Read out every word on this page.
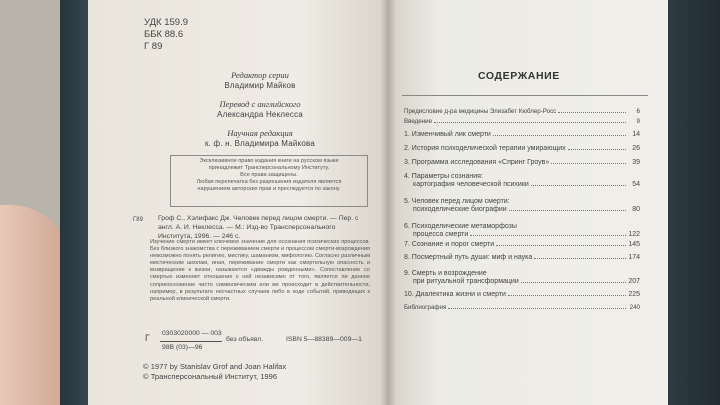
УДК 159.9
ББК 88.6
Г 89
Редактор серии
Владимир Майков
Перевод с английского
Александра Неклесса
Научная редакция
к. ф. н. Владимира Майкова
Эксклюзивное право издания книги на русском языке
принадлежит Трансперсональному Институту.
Все права защищены.
Любая перепечатка без разрешения издателя является
нарушением авторских прав и преследуется по закону.
Г89 Гроф С., Хэлифакс Дж. Человек перед лицом смерти. — Пер. с англ. А. И. Неклесса. — М.: Изд-во Трансперсонального Института, 1996. — 246 с.
Изучение смерти имеет ключевое значение для осознания психических процессов. Без близкого знакомства с переживанием смерти и процессом смерти-возрождения невозможно понять религию, мистику, шаманизм, мифологию. Согласно различным мистическим школам, иная, переживание смерти как смертельную опасность и возвращение к жизни, называются «дважды рожденными». Сопоставление со смертью изменяет отношение к ней независимо от того, является ли данное соприкосновение чисто символическим или же происходит в действительности, например, в результате несчастных случаев либо в ходе событий, приводящих к реальной клинической смерти.
Г 0303020000 — 003
98В (03)—96
без объявл.	ISBN 5—88389—009—1
© 1977 by Stanislav Grof and Joan Halifax
© Трансперсональный Институт, 1996
СОДЕРЖАНИЕ
Предисловие д-ра медицины Элизабет Кюблер-Росс	6
Введение	9
1. Изменчивый лик смерти	14
2. История психоделической терапии умирающих	26
3. Программа исследования «Спринг Гроув»	39
4. Параметры сознания:
картография человеческой психики	54
5. Человек перед лицом смерти:
психоделические биографии	80
6. Психоделические метаморфозы
процесса смерти	122
7. Сознание и порог смерти	145
8. Посмертный путь души: миф и наука	174
9. Смерть и возрождение
при ритуальной трансформации	207
10. Диалектика жизни и смерти	225
Библиография	240
